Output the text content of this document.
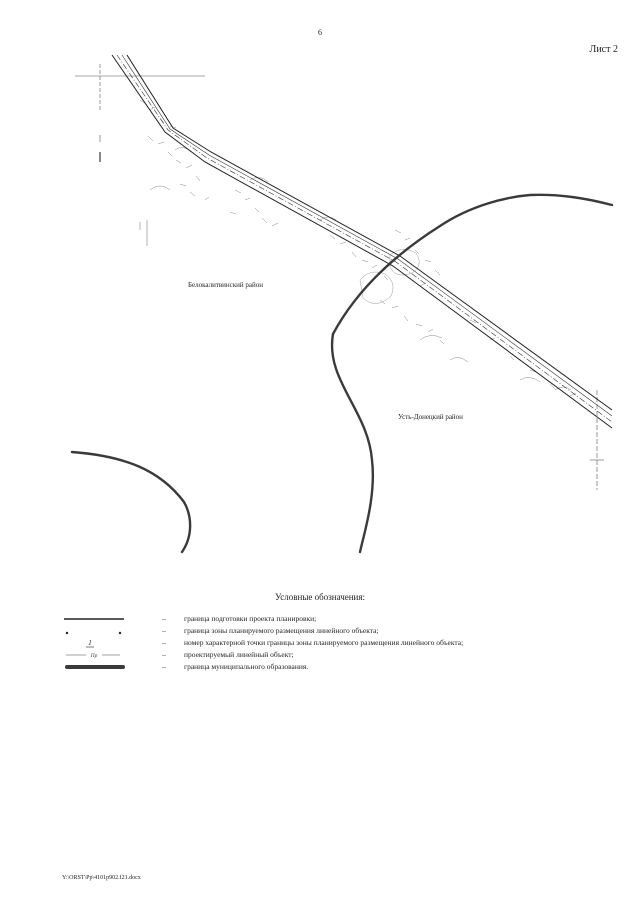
6
Лист 2
Белокалитвинский район
Усть-Донецкий район
Условные обозначения:
– граница подготовки проекта планировки;
– граница зоны планируемого размещения линейного объекта;
1	– номер характерной точки границы зоны планируемого размещения линейного объекта;
Пр	– проектируемый линейный объект;
– граница муниципального образования.
Y:\ORST\Pp\4101p902.f21.docx
